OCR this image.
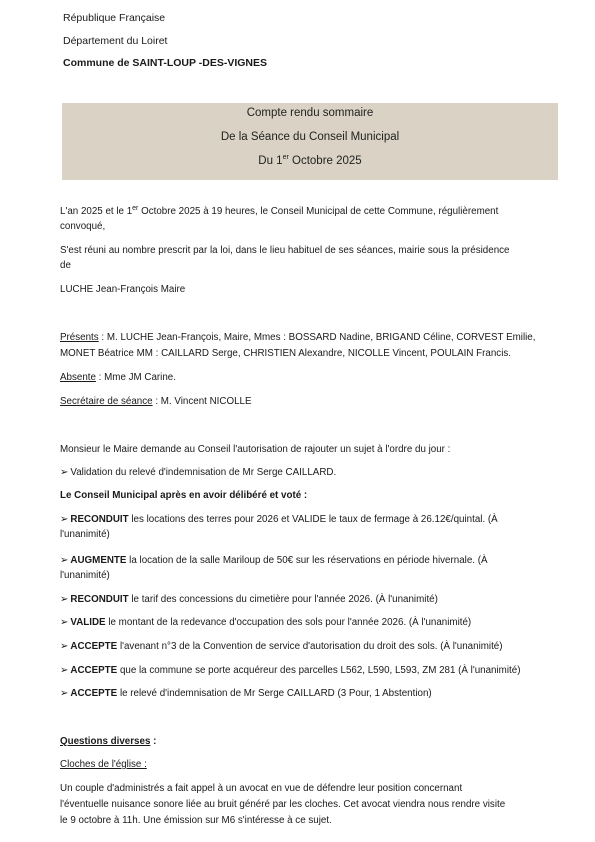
République Française
Département du Loiret
Commune de SAINT-LOUP -DES-VIGNES
Compte rendu sommaire
De la Séance du Conseil Municipal
Du 1er Octobre 2025
L'an 2025 et le 1er Octobre 2025 à 19 heures, le Conseil Municipal de cette Commune, régulièrement
convoqué,
S'est réuni au nombre prescrit par la loi, dans le lieu habituel de ses séances, mairie sous la présidence
de
LUCHE Jean-François Maire
Présents : M. LUCHE Jean-François, Maire, Mmes : BOSSARD Nadine, BRIGAND Céline, CORVEST Emilie,
MONET Béatrice MM : CAILLARD Serge, CHRISTIEN Alexandre, NICOLLE Vincent, POULAIN Francis.
Absente : Mme JM Carine.
Secrétaire de séance : M. Vincent NICOLLE
Monsieur le Maire demande au Conseil l'autorisation de rajouter un sujet à l'ordre du jour :
➢ Validation du relevé d'indemnisation de Mr Serge CAILLARD.
Le Conseil Municipal après en avoir délibéré et voté :
➢ RECONDUIT les locations des terres pour 2026 et VALIDE le taux de fermage à 26.12€/quintal. (À
l'unanimité)
➢ AUGMENTE la location de la salle Mariloup de 50€ sur les réservations en période hivernale. (À
l'unanimité)
➢ RECONDUIT le tarif des concessions du cimetière pour l'année 2026. (À l'unanimité)
➢ VALIDE le montant de la redevance d'occupation des sols pour l'année 2026. (À l'unanimité)
➢ ACCEPTE l'avenant n°3 de la Convention de service d'autorisation du droit des sols. (À l'unanimité)
➢ ACCEPTE que la commune se porte acquéreur des parcelles L562, L590, L593, ZM 281 (À l'unanimité)
➢ ACCEPTE le relevé d'indemnisation de Mr Serge CAILLARD (3 Pour, 1 Abstention)
Questions diverses :
Cloches de l'église :
Un couple d'administrés a fait appel à un avocat en vue de défendre leur position concernant
l'éventuelle nuisance sonore liée au bruit généré par les cloches. Cet avocat viendra nous rendre visite
le 9 octobre à 11h. Une émission sur M6 s'intéresse à ce sujet.
